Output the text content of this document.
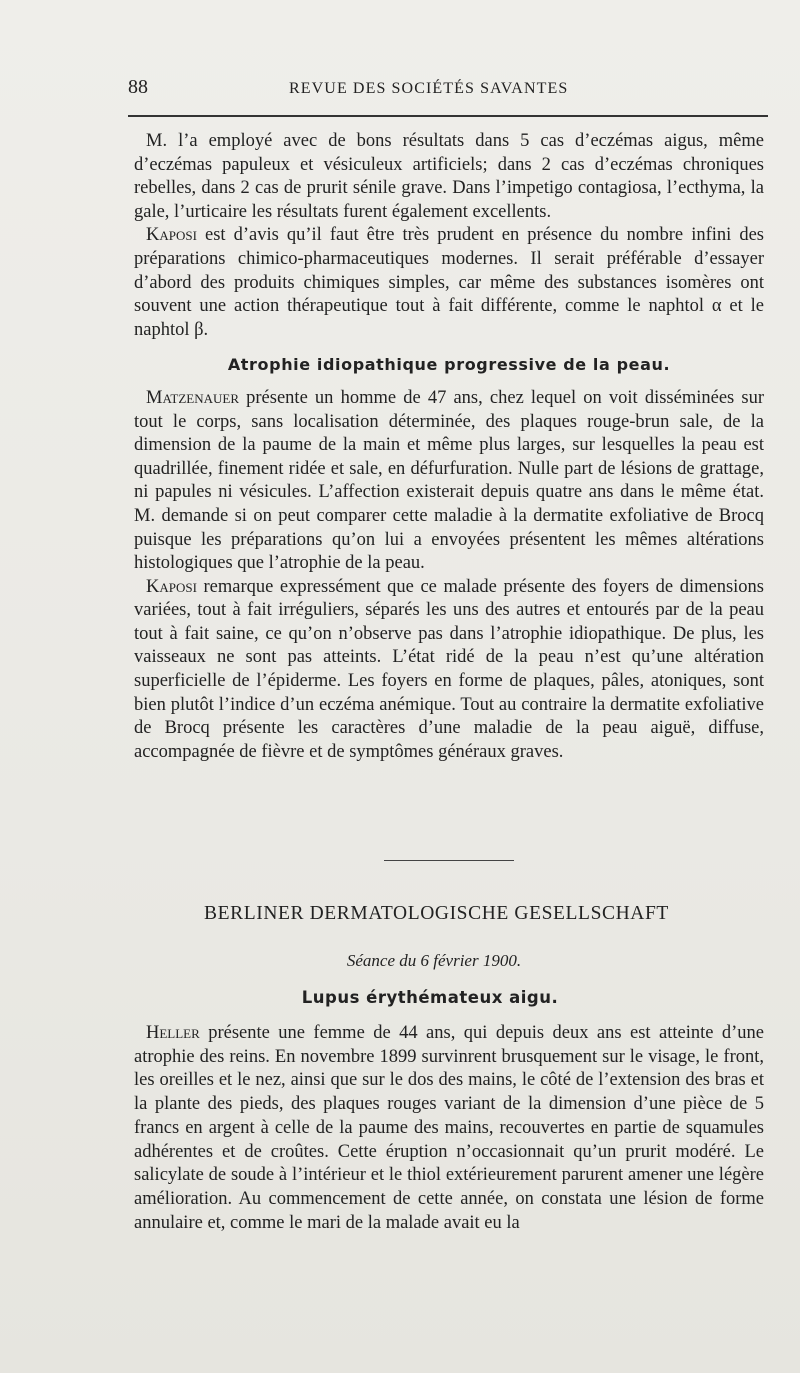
88	REVUE DES SOCIÉTÉS SAVANTES

M. l’a employé avec de bons résultats dans 5 cas d’eczémas aigus, même d’eczémas papuleux et vésiculeux artificiels; dans 2 cas d’eczémas chroniques rebelles, dans 2 cas de prurit sénile grave. Dans l’impetigo contagiosa, l’ecthyma, la gale, l’urticaire les résultats furent également excellents.

Kaposi est d’avis qu’il faut être très prudent en présence du nombre infini des préparations chimico-pharmaceutiques modernes. Il serait préférable d’essayer d’abord des produits chimiques simples, car même des substances isomères ont souvent une action thérapeutique tout à fait différente, comme le naphtol α et le naphtol β.

Atrophie idiopathique progressive de la peau.

Matzenauer présente un homme de 47 ans, chez lequel on voit disséminées sur tout le corps, sans localisation déterminée, des plaques rouge-brun sale, de la dimension de la paume de la main et même plus larges, sur lesquelles la peau est quadrillée, finement ridée et sale, en défurfuration. Nulle part de lésions de grattage, ni papules ni vésicules. L’affection existerait depuis quatre ans dans le même état. M. demande si on peut comparer cette maladie à la dermatite exfoliative de Brocq puisque les préparations qu’on lui a envoyées présentent les mêmes altérations histologiques que l’atrophie de la peau.

Kaposi remarque expressément que ce malade présente des foyers de dimensions variées, tout à fait irréguliers, séparés les uns des autres et entourés par de la peau tout à fait saine, ce qu’on n’observe pas dans l’atrophie idiopathique. De plus, les vaisseaux ne sont pas atteints. L’état ridé de la peau n’est qu’une altération superficielle de l’épiderme. Les foyers en forme de plaques, pâles, atoniques, sont bien plutôt l’indice d’un eczéma anémique. Tout au contraire la dermatite exfoliative de Brocq présente les caractères d’une maladie de la peau aiguë, diffuse, accompagnée de fièvre et de symptômes généraux graves.

BERLINER DERMATOLOGISCHE GESELLSCHAFT
Séance du 6 février 1900.
Lupus érythémateux aigu.

Heller présente une femme de 44 ans, qui depuis deux ans est atteinte d’une atrophie des reins. En novembre 1899 survinrent brusquement sur le visage, le front, les oreilles et le nez, ainsi que sur le dos des mains, le côté de l’extension des bras et la plante des pieds, des plaques rouges variant de la dimension d’une pièce de 5 francs en argent à celle de la paume des mains, recouvertes en partie de squamules adhérentes et de croûtes. Cette éruption n’occasionnait qu’un prurit modéré. Le salicylate de soude à l’intérieur et le thiol extérieurement parurent amener une légère amélioration. Au commencement de cette année, on constata une lésion de forme annulaire et, comme le mari de la malade avait eu la
